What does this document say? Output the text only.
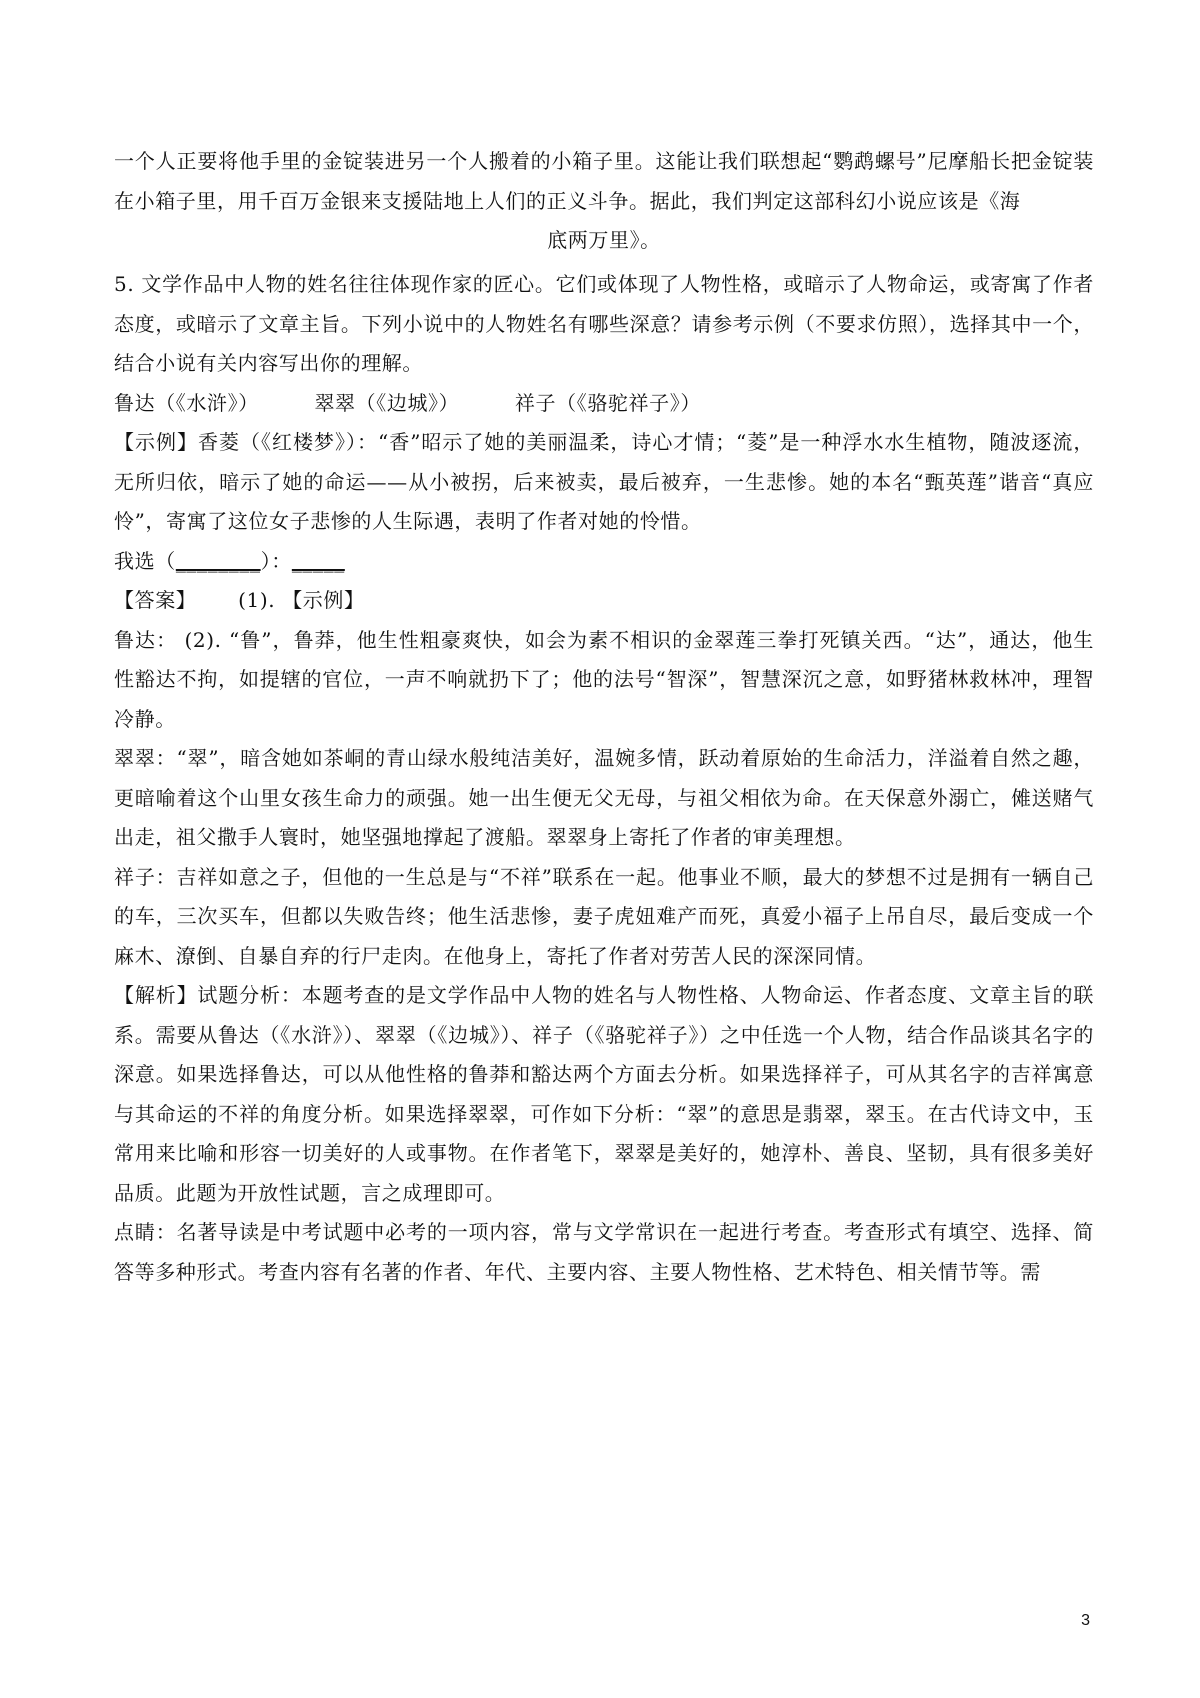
一个人正要将他手里的金锭装进另一个人搬着的小箱子里。这能让我们联想起“鹦鹉螺号”尼摩船长把金锭装在小箱子里，用千百万金银来支援陆地上人们的正义斗争。据此，我们判定这部科幻小说应该是《海

底两万里》。

5. 文学作品中人物的姓名往往体现作家的匠心。它们或体现了人物性格，或暗示了人物命运，或寄寓了作者态度，或暗示了文章主旨。下列小说中的人物姓名有哪些深意？请参考示例（不要求仿照），选择其中一个，结合小说有关内容写出你的理解。

鲁达（《水浒》）        翠翠（《边城》）        祥子（《骆驼祥子》）

【示例】香菱（《红楼梦》）：“香”昭示了她的美丽温柔，诗心才情；“菱”是一种浮水水生植物，随波逐流，无所归依，暗示了她的命运——从小被拐，后来被卖，最后被弃，一生悲惨。她的本名“甄英莲”谐音“真应怜”，寄寓了这位女子悲惨的人生际遇，表明了作者对她的怜惜。

我选（________）：_____

【答案】      (1). 【示例】

鲁达： (2). “鲁”，鲁莽，他生性粗豪爽快，如会为素不相识的金翠莲三拳打死镇关西。“达”，通达，他生性豁达不拘，如提辖的官位，一声不响就扔下了；他的法号“智深”，智慧深沉之意，如野猪林救林冲，理智冷静。

翠翠：“翠”，暗含她如茶峒的青山绿水般纯洁美好，温婉多情，跃动着原始的生命活力，洋溢着自然之趣，更暗喻着这个山里女孩生命力的顽强。她一出生便无父无母，与祖父相依为命。在天保意外溺亡，傩送赌气出走，祖父撒手人寰时，她坚强地撑起了渡船。翠翠身上寄托了作者的审美理想。

祥子：吉祥如意之子，但他的一生总是与“不祥”联系在一起。他事业不顺，最大的梦想不过是拥有一辆自己的车，三次买车，但都以失败告终；他生活悲惨，妻子虎妞难产而死，真爱小福子上吊自尽，最后变成一个麻木、潦倒、自暴自弃的行尸走肉。在他身上，寄托了作者对劳苦人民的深深同情。

【解析】试题分析：本题考查的是文学作品中人物的姓名与人物性格、人物命运、作者态度、文章主旨的联系。需要从鲁达（《水浒》）、翠翠（《边城》）、祥子（《骆驼祥子》）之中任选一个人物，结合作品谈其名字的深意。如果选择鲁达，可以从他性格的鲁莽和豁达两个方面去分析。如果选择祥子，可从其名字的吉祥寓意与其命运的不祥的角度分析。如果选择翠翠，可作如下分析：“翠”的意思是翡翠，翠玉。在古代诗文中，玉常用来比喻和形容一切美好的人或事物。在作者笔下，翠翠是美好的，她淳朴、善良、坚韧，具有很多美好品质。此题为开放性试题，言之成理即可。

点睛：名著导读是中考试题中必考的一项内容，常与文学常识在一起进行考查。考查形式有填空、选择、简答等多种形式。考查内容有名著的作者、年代、主要内容、主要人物性格、艺术特色、相关情节等。需

3
